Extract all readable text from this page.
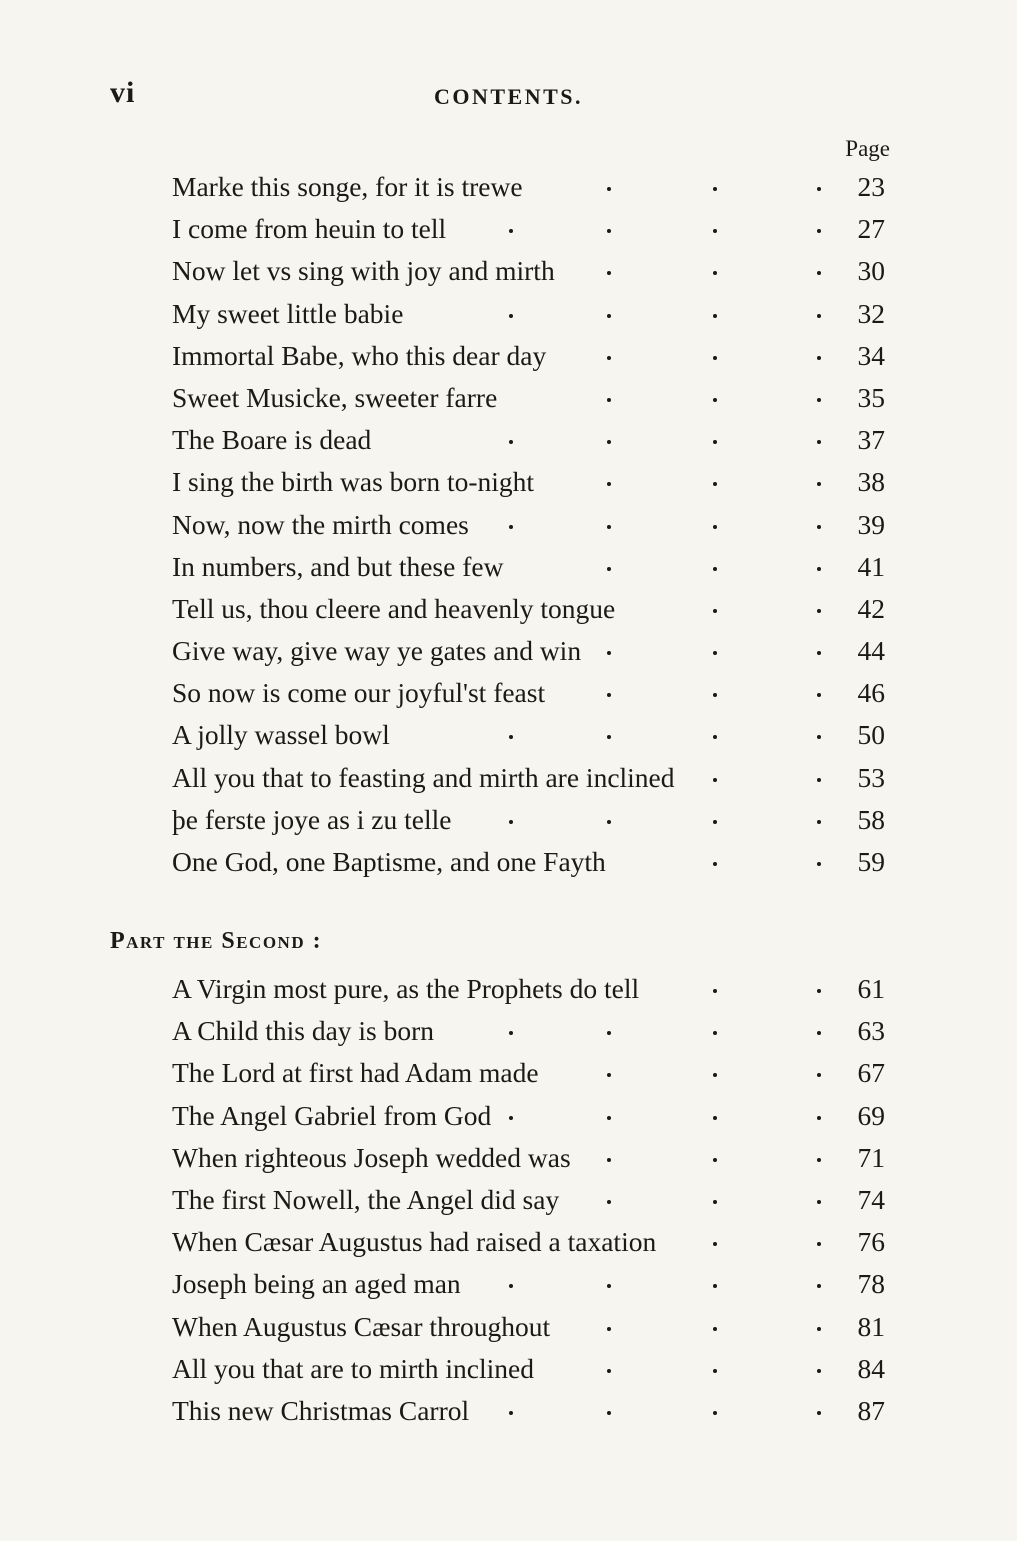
vi	CONTENTS.
Page
Marke this songe, for it is trewe	23
I come from heuin to tell	27
Now let vs sing with joy and mirth	30
My sweet little babie	32
Immortal Babe, who this dear day	34
Sweet Musicke, sweeter farre	35
The Boare is dead	37
I sing the birth was born to-night	38
Now, now the mirth comes	39
In numbers, and but these few	41
Tell us, thou cleere and heavenly tongue	42
Give way, give way ye gates and win	44
So now is come our joyful'st feast	46
A jolly wassel bowl	50
All you that to feasting and mirth are inclined	53
þe ferste joye as i zu telle	58
One God, one Baptisme, and one Fayth	59
Part the Second :
A Virgin most pure, as the Prophets do tell	61
A Child this day is born	63
The Lord at first had Adam made	67
The Angel Gabriel from God	69
When righteous Joseph wedded was	71
The first Nowell, the Angel did say	74
When Cæsar Augustus had raised a taxation	76
Joseph being an aged man	78
When Augustus Cæsar throughout	81
All you that are to mirth inclined	84
This new Christmas Carrol	87
